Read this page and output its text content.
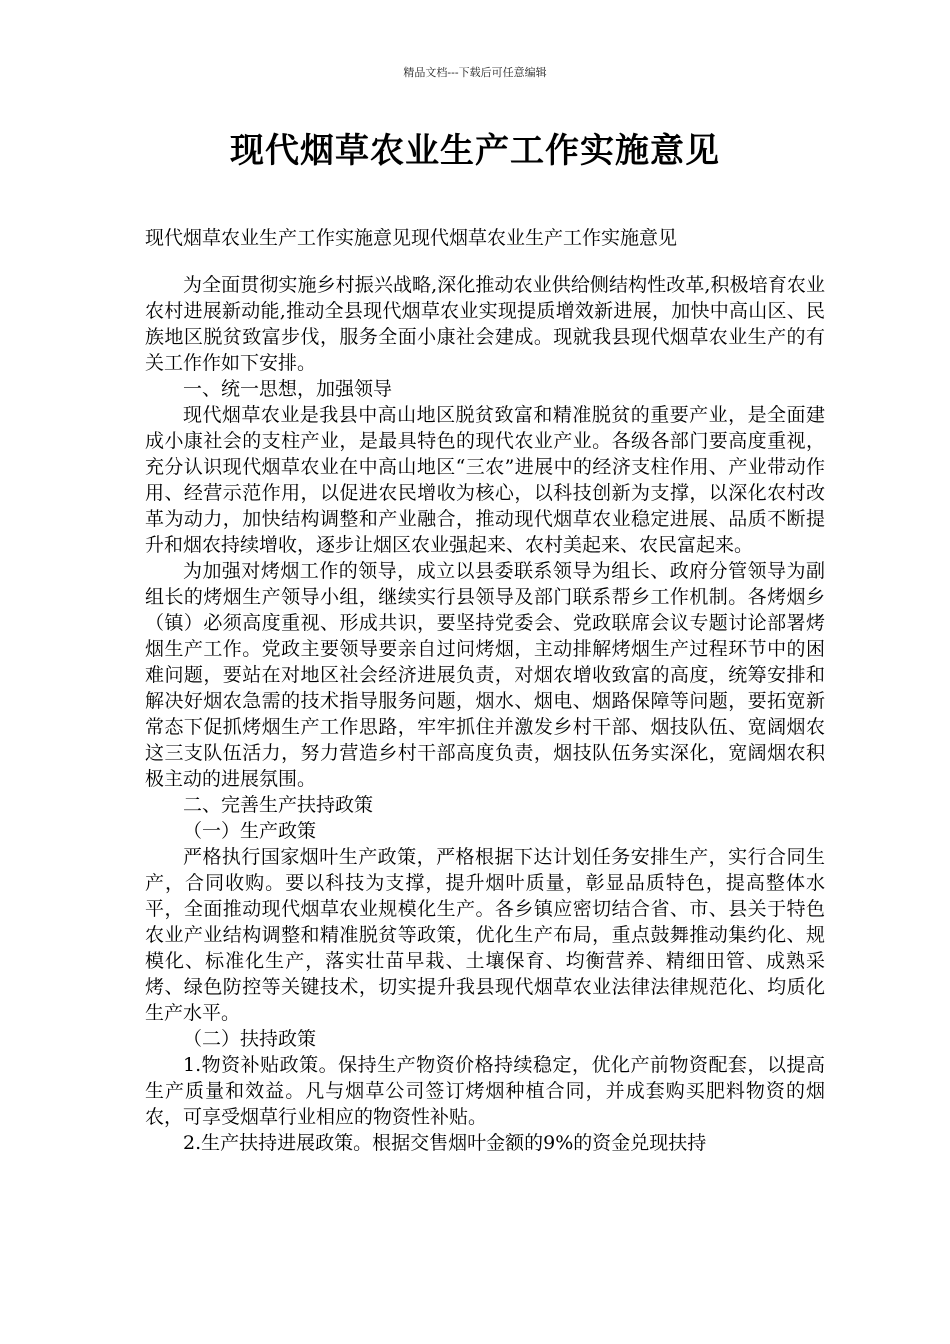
精品文档---下载后可任意编辑
现代烟草农业生产工作实施意见
现代烟草农业生产工作实施意见现代烟草农业生产工作实施意见

为全面贯彻实施乡村振兴战略,深化推动农业供给侧结构性改革,积极培育农业农村进展新动能,推动全县现代烟草农业实现提质增效新进展，加快中高山区、民族地区脱贫致富步伐，服务全面小康社会建成。现就我县现代烟草农业生产的有关工作作如下安排。

一、统一思想，加强领导

现代烟草农业是我县中高山地区脱贫致富和精准脱贫的重要产业，是全面建成小康社会的支柱产业，是最具特色的现代农业产业。各级各部门要高度重视，充分认识现代烟草农业在中高山地区“三农”进展中的经济支柱作用、产业带动作用、经营示范作用，以促进农民增收为核心，以科技创新为支撑，以深化农村改革为动力，加快结构调整和产业融合，推动现代烟草农业稳定进展、品质不断提升和烟农持续增收，逐步让烟区农业强起来、农村美起来、农民富起来。

为加强对烤烟工作的领导，成立以县委联系领导为组长、政府分管领导为副组长的烤烟生产领导小组，继续实行县领导及部门联系帮乡工作机制。各烤烟乡（镇）必须高度重视、形成共识，要坚持党委会、党政联席会议专题讨论部署烤烟生产工作。党政主要领导要亲自过问烤烟，主动排解烤烟生产过程环节中的困难问题，要站在对地区社会经济进展负责，对烟农增收致富的高度，统筹安排和解决好烟农急需的技术指导服务问题，烟水、烟电、烟路保障等问题，要拓宽新常态下促抓烤烟生产工作思路，牢牢抓住并激发乡村干部、烟技队伍、宽阔烟农这三支队伍活力，努力营造乡村干部高度负责，烟技队伍务实深化，宽阔烟农积极主动的进展氛围。

二、完善生产扶持政策

（一）生产政策

严格执行国家烟叶生产政策，严格根据下达计划任务安排生产，实行合同生产，合同收购。要以科技为支撑，提升烟叶质量，彰显品质特色，提高整体水平，全面推动现代烟草农业规模化生产。各乡镇应密切结合省、市、县关于特色农业产业结构调整和精准脱贫等政策，优化生产布局，重点鼓舞推动集约化、规模化、标准化生产，落实壮苗早栽、土壤保育、均衡营养、精细田管、成熟采烤、绿色防控等关键技术，切实提升我县现代烟草农业法律法律规范化、均质化生产水平。

（二）扶持政策

1.物资补贴政策。保持生产物资价格持续稳定，优化产前物资配套，以提高生产质量和效益。凡与烟草公司签订烤烟种植合同，并成套购买肥料物资的烟农，可享受烟草行业相应的物资性补贴。

2.生产扶持进展政策。根据交售烟叶金额的9%的资金兑现扶持
